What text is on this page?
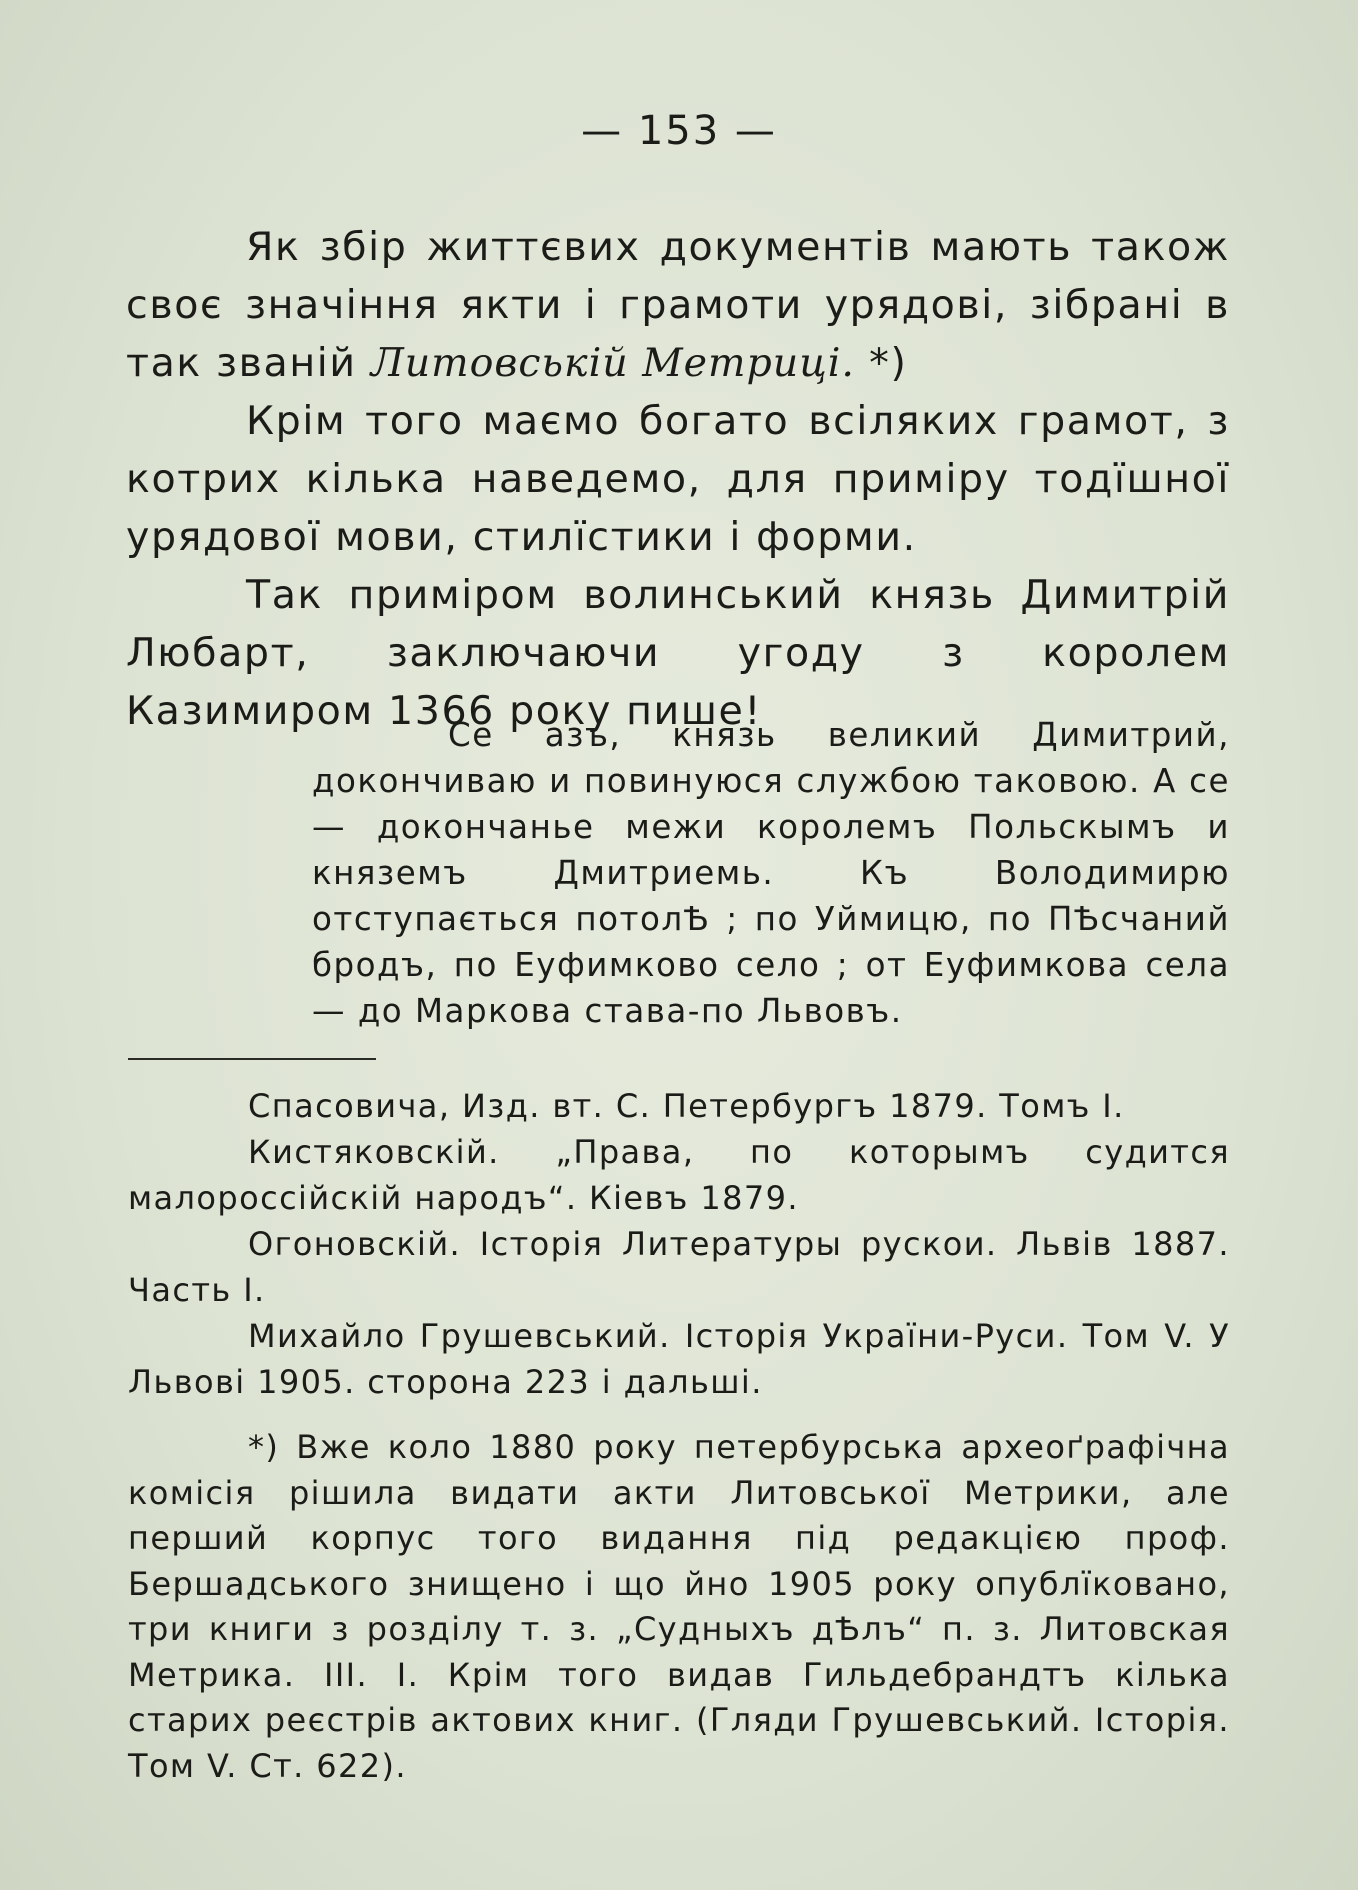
— 153 —

Як збір життєвих документів мають також своє значіння якти і грамоти урядові, зібрані в так званій Литовській Метриці. *)

Крім того маємо богато всіляких грамот, з котрих кілька наведемо, для приміру тодїшної урядової мови, стилїстики і форми.

Так приміром волинський князь Димитрій Любарт, заключаючи угоду з королем Казимиром 1366 року пише!

Се азъ, князь великий Димитрий, докончиваю и повинуюся службою таковою. А се — докончанье межи королемъ Польскымъ и княземъ Дмитриемь. Къ Володимирю отступається потолѢ ; по Уймицю, по ПѢсчаний бродъ, по Еуфимково село ; от Еуфимкова села — до Маркова става-по Львовъ.

Спасовича, Изд. вт. С. Петербургъ 1879. Томъ I.

Кистяковскій. „Права, по которымъ судится малороссійскій народъ“. Кіевъ 1879.

Огоновскій. Історія Литературы рускои. Львів 1887. Часть I.

Михайло Грушевський. Історія України-Руси. Том V. У Львові 1905. сторона 223 і дальші.

*) Вже коло 1880 року петербурська археоґрафічна комісія рішила видати акти Литовської Метрики, але перший корпус того видання під редакцією проф. Бершадського знищено і що йно 1905 року опублїковано, три книги з розділу т. з. „Судныхъ дѢлъ“ п. з. Литовская Метрика. III. I. Крім того видав Гильдебрандтъ кілька старих реєстрів актових книг. (Гляди Грушевський. Історія. Том V. Ст. 622).
